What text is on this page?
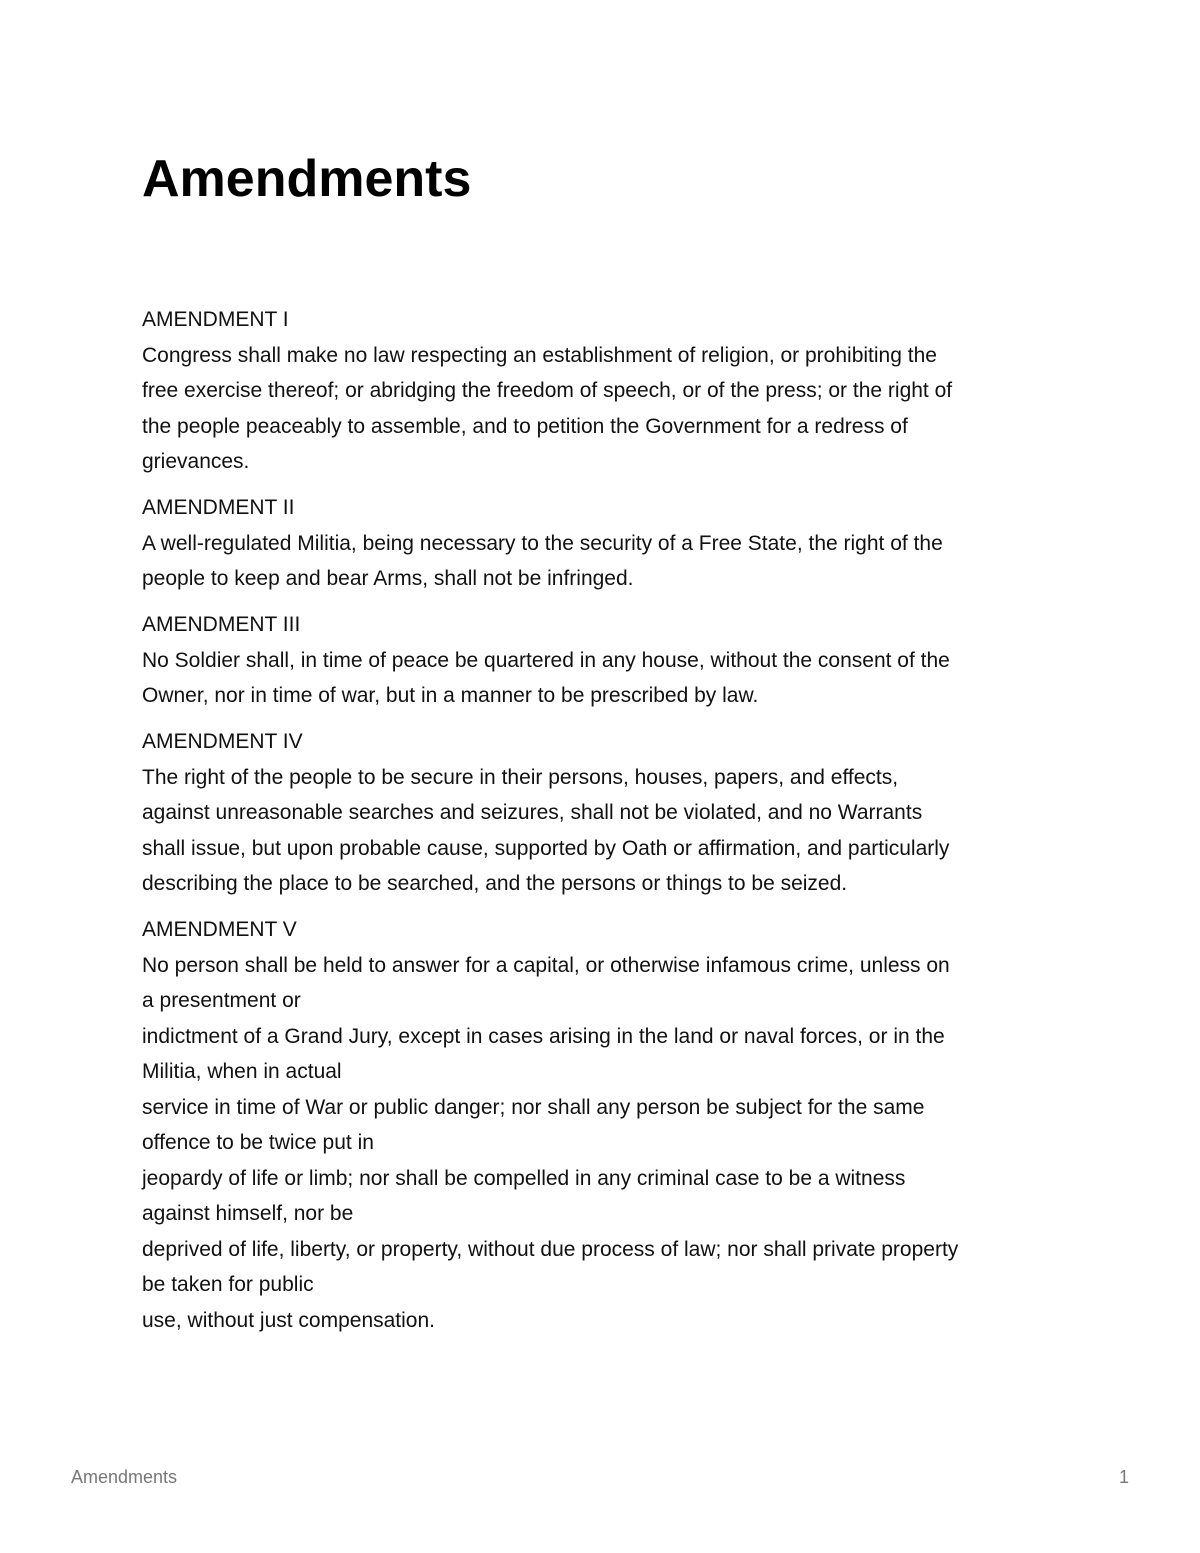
Amendments
AMENDMENT I
Congress shall make no law respecting an establishment of religion, or prohibiting the
free exercise thereof; or abridging the freedom of speech, or of the press; or the right of
the people peaceably to assemble, and to petition the Government for a redress of
grievances.
AMENDMENT II
A well-regulated Militia, being necessary to the security of a Free State, the right of the
people to keep and bear Arms, shall not be infringed.
AMENDMENT III
No Soldier shall, in time of peace be quartered in any house, without the consent of the
Owner, nor in time of war, but in a manner to be prescribed by law.
AMENDMENT IV
The right of the people to be secure in their persons, houses, papers, and effects,
against unreasonable searches and seizures, shall not be violated, and no Warrants
shall issue, but upon probable cause, supported by Oath or affirmation, and particularly
describing the place to be searched, and the persons or things to be seized.
AMENDMENT V
No person shall be held to answer for a capital, or otherwise infamous crime, unless on
a presentment or
indictment of a Grand Jury, except in cases arising in the land or naval forces, or in the
Militia, when in actual
service in time of War or public danger; nor shall any person be subject for the same
offence to be twice put in
jeopardy of life or limb; nor shall be compelled in any criminal case to be a witness
against himself, nor be
deprived of life, liberty, or property, without due process of law; nor shall private property
be taken for public
use, without just compensation.
Amendments	1
